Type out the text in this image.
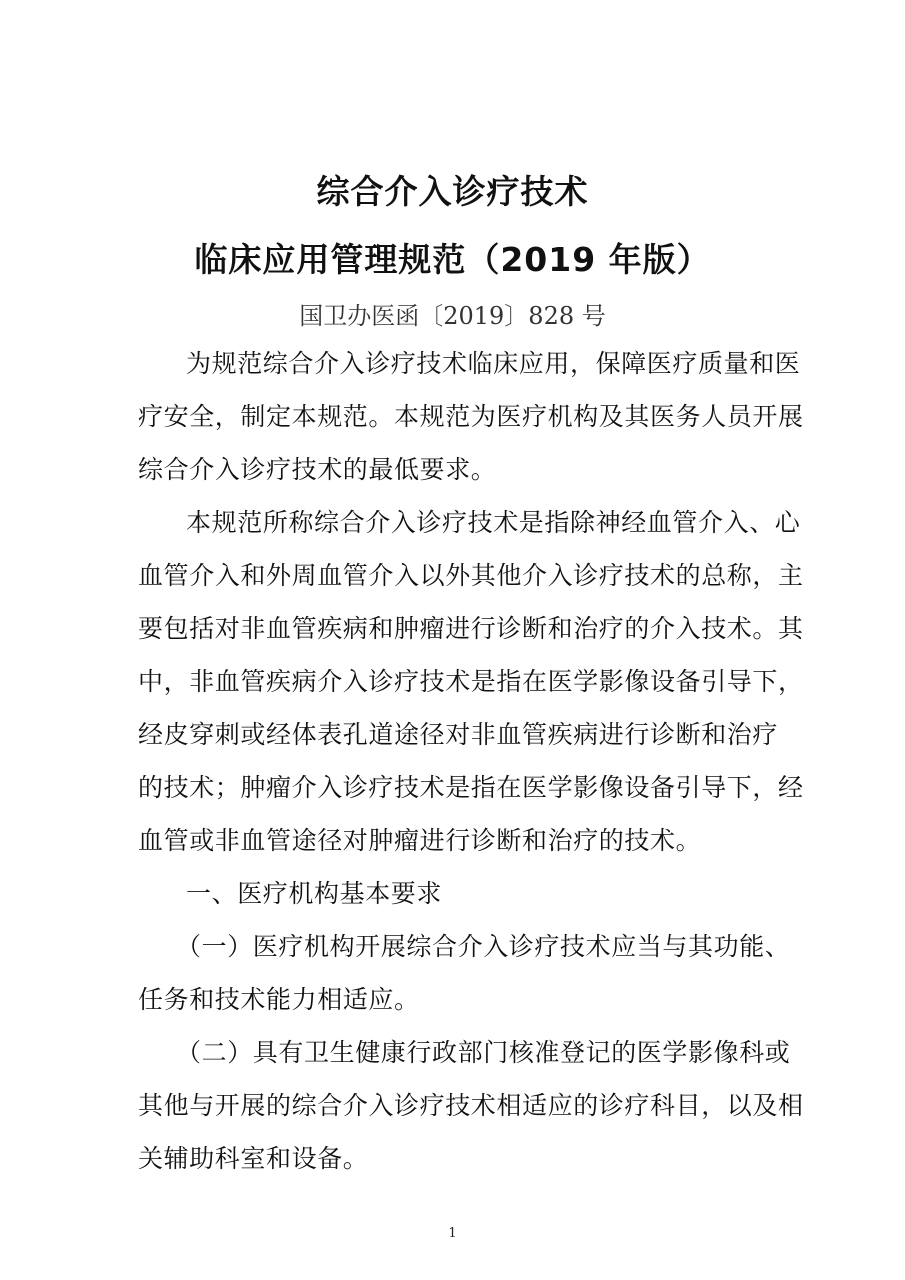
综合介入诊疗技术
临床应用管理规范（2019 年版）
国卫办医函〔2019〕828 号
为规范综合介入诊疗技术临床应用，保障医疗质量和医
疗安全，制定本规范。本规范为医疗机构及其医务人员开展
综合介入诊疗技术的最低要求。
本规范所称综合介入诊疗技术是指除神经血管介入、心
血管介入和外周血管介入以外其他介入诊疗技术的总称，主
要包括对非血管疾病和肿瘤进行诊断和治疗的介入技术。其
中，非血管疾病介入诊疗技术是指在医学影像设备引导下，
经皮穿刺或经体表孔道途径对非血管疾病进行诊断和治疗
的技术；肿瘤介入诊疗技术是指在医学影像设备引导下，经
血管或非血管途径对肿瘤进行诊断和治疗的技术。
一、医疗机构基本要求
（一）医疗机构开展综合介入诊疗技术应当与其功能、
任务和技术能力相适应。
（二）具有卫生健康行政部门核准登记的医学影像科或
其他与开展的综合介入诊疗技术相适应的诊疗科目，以及相
关辅助科室和设备。
1
